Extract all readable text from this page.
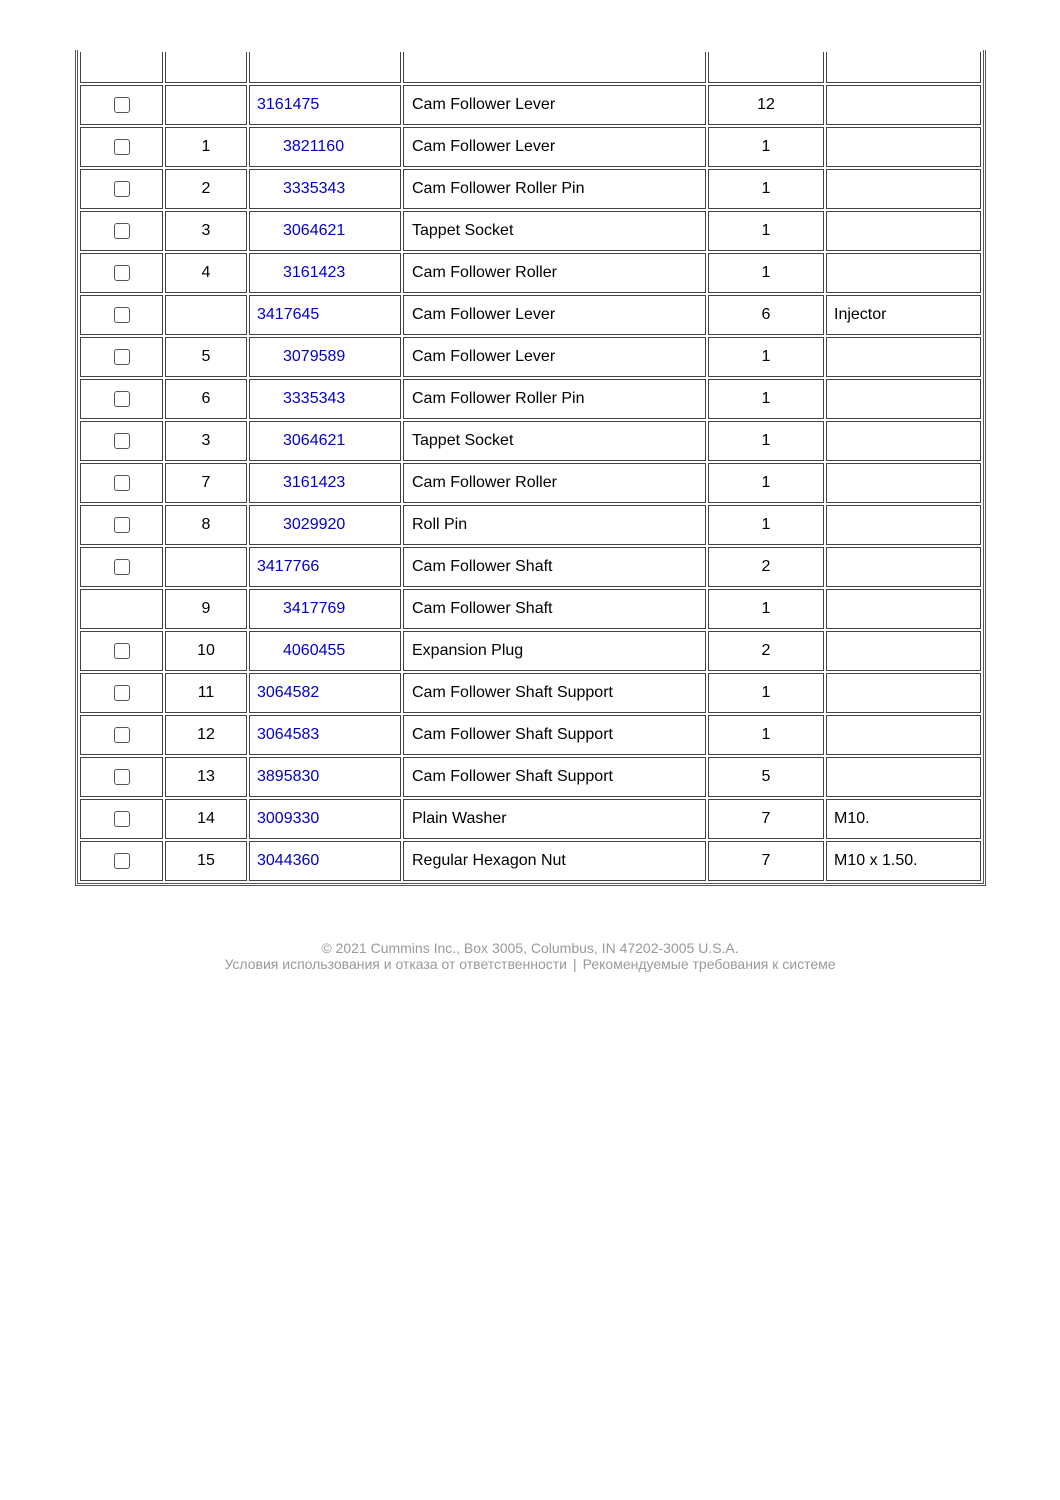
		3161475	Cam Follower Lever	12	
	1	3821160	Cam Follower Lever	1	
	2	3335343	Cam Follower Roller Pin	1	
	3	3064621	Tappet Socket	1	
	4	3161423	Cam Follower Roller	1	
		3417645	Cam Follower Lever	6	Injector
	5	3079589	Cam Follower Lever	1	
	6	3335343	Cam Follower Roller Pin	1	
	3	3064621	Tappet Socket	1	
	7	3161423	Cam Follower Roller	1	
	8	3029920	Roll Pin	1	
		3417766	Cam Follower Shaft	2	
	9	3417769	Cam Follower Shaft	1	
	10	4060455	Expansion Plug	2	
	11	3064582	Cam Follower Shaft Support	1	
	12	3064583	Cam Follower Shaft Support	1	
	13	3895830	Cam Follower Shaft Support	5	
	14	3009330	Plain Washer	7	M10.
	15	3044360	Regular Hexagon Nut	7	M10 x 1.50.
© 2021 Cummins Inc., Box 3005, Columbus, IN 47202-3005 U.S.A.
Условия использования и отказа от ответственности | Рекомендуемые требования к системе
